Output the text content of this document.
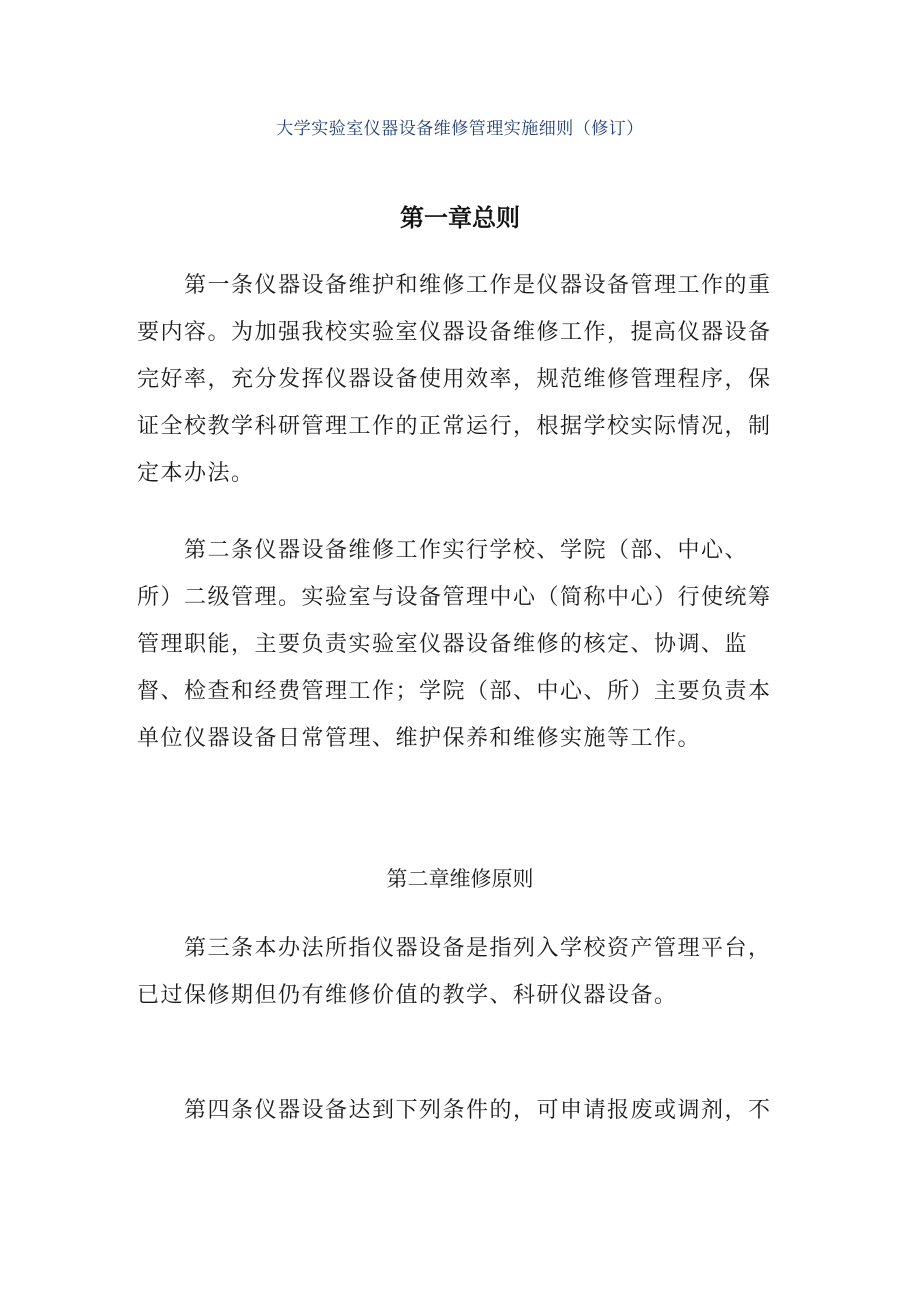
大学实验室仪器设备维修管理实施细则（修订）
第一章总则
第一条仪器设备维护和维修工作是仪器设备管理工作的重
要内容。为加强我校实验室仪器设备维修工作，提高仪器设备
完好率，充分发挥仪器设备使用效率，规范维修管理程序，保
证全校教学科研管理工作的正常运行，根据学校实际情况，制
定本办法。
第二条仪器设备维修工作实行学校、学院（部、中心、
所）二级管理。实验室与设备管理中心（简称中心）行使统筹
管理职能，主要负责实验室仪器设备维修的核定、协调、监
督、检查和经费管理工作；学院（部、中心、所）主要负责本
单位仪器设备日常管理、维护保养和维修实施等工作。
第二章维修原则
第三条本办法所指仪器设备是指列入学校资产管理平台，
已过保修期但仍有维修价值的教学、科研仪器设备。
第四条仪器设备达到下列条件的，可申请报废或调剂，不
